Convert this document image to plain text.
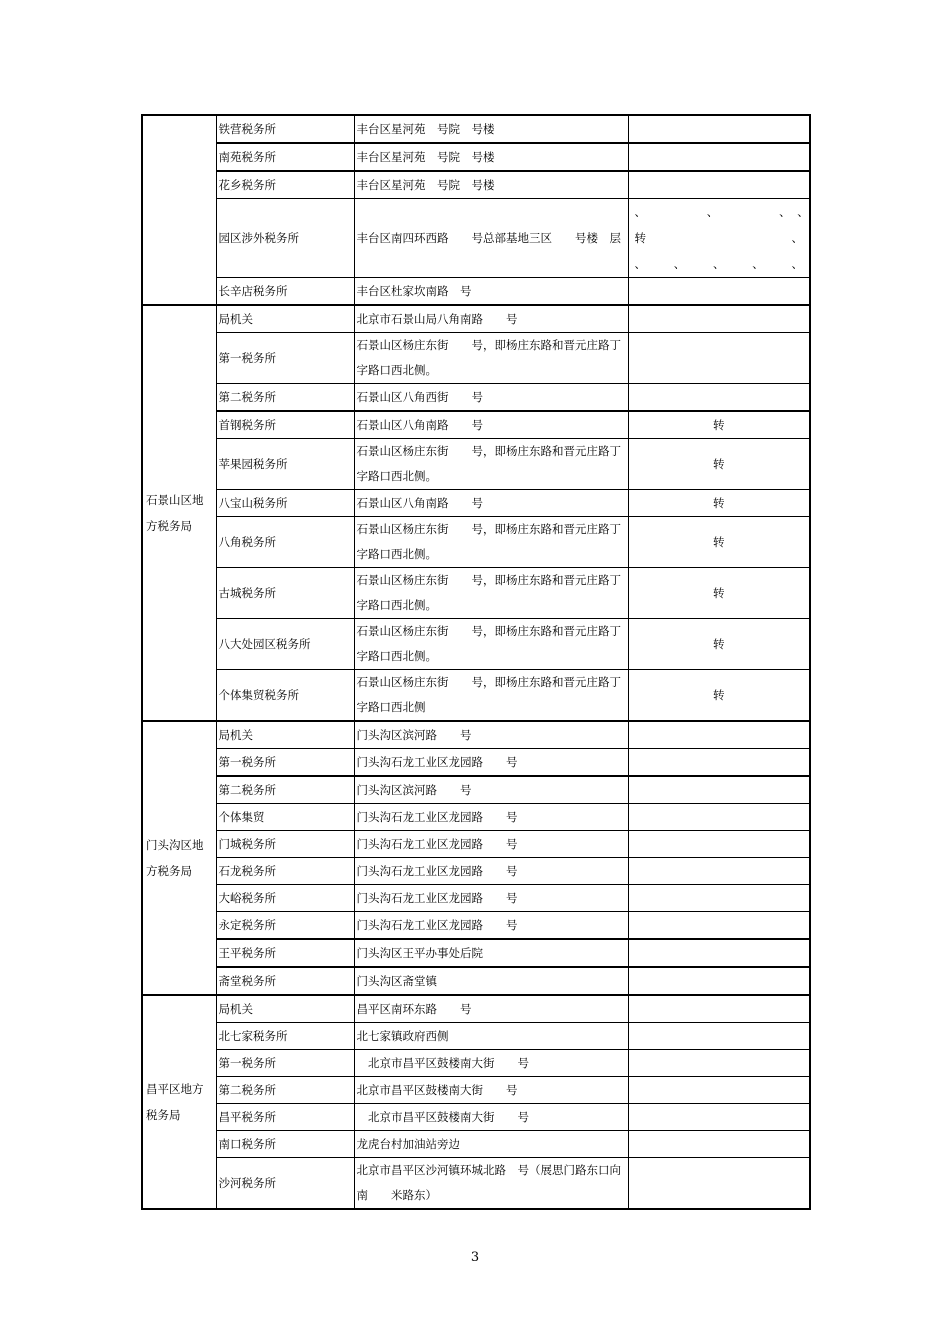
	铁营税务所	丰台区星河苑　号院　号楼	
	南苑税务所	丰台区星河苑　号院　号楼	
	花乡税务所	丰台区星河苑　号院　号楼	
	园区涉外税务所	丰台区南四环西路　　号总部基地三区　　号楼　层	、　　　　　、　　　　　、 、　　　　　　转　　　、 、　　、　　、　　、　　、
	长辛店税务所	丰台区杜家坎南路　号	
石景山区地方税务局	局机关	北京市石景山局八角南路　　号	
	第一税务所	石景山区杨庄东街　　号，即杨庄东路和晋元庄路丁字路口西北侧。	
	第二税务所	石景山区八角西街　　号	
	首钢税务所	石景山区八角南路　　号	转
	苹果园税务所	石景山区杨庄东街　　号，即杨庄东路和晋元庄路丁字路口西北侧。	转
	八宝山税务所	石景山区八角南路　　号	转
	八角税务所	石景山区杨庄东街　　号，即杨庄东路和晋元庄路丁字路口西北侧。	转
	古城税务所	石景山区杨庄东街　　号，即杨庄东路和晋元庄路丁字路口西北侧。	转
	八大处园区税务所	石景山区杨庄东街　　号，即杨庄东路和晋元庄路丁字路口西北侧。	转
	个体集贸税务所	石景山区杨庄东街　　号，即杨庄东路和晋元庄路丁字路口西北侧	转
门头沟区地方税务局	局机关	门头沟区滨河路　　号	
	第一税务所	门头沟石龙工业区龙园路　　号	
	第二税务所	门头沟区滨河路　　号	
	个体集贸	门头沟石龙工业区龙园路　　号	
	门城税务所	门头沟石龙工业区龙园路　　号	
	石龙税务所	门头沟石龙工业区龙园路　　号	
	大峪税务所	门头沟石龙工业区龙园路　　号	
	永定税务所	门头沟石龙工业区龙园路　　号	
	王平税务所	门头沟区王平办事处后院	
	斋堂税务所	门头沟区斋堂镇	
昌平区地方税务局	局机关	昌平区南环东路　　号	
	北七家税务所	北七家镇政府西侧	
	第一税务所	　北京市昌平区鼓楼南大街　　号	
	第二税务所	北京市昌平区鼓楼南大街　　号	
	昌平税务所	　北京市昌平区鼓楼南大街　　号	
	南口税务所	龙虎台村加油站旁边	
	沙河税务所	北京市昌平区沙河镇环城北路　号（展思门路东口向南　　米路东）	
3
